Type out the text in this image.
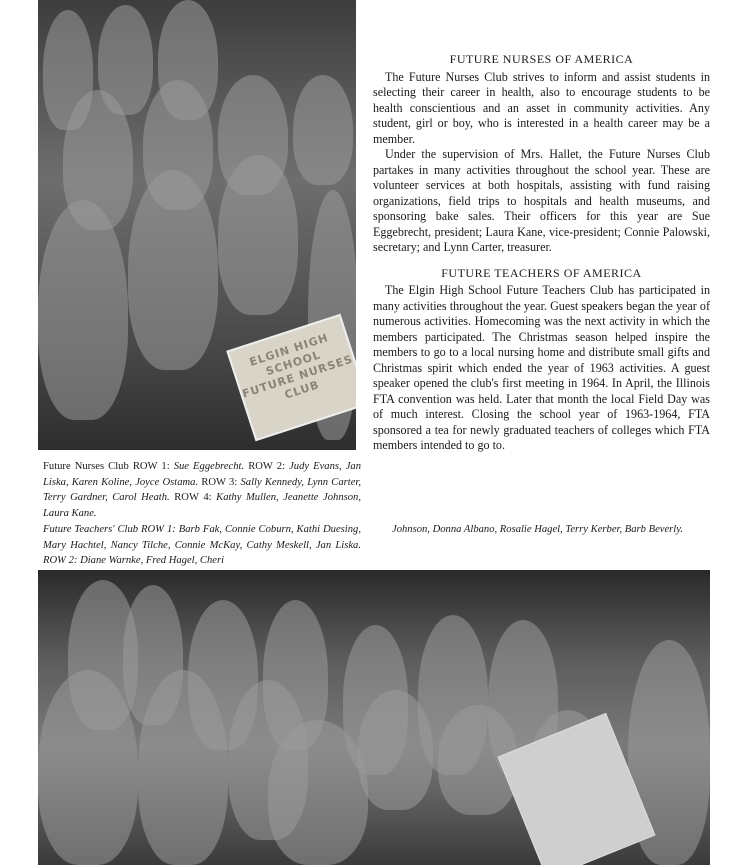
ELGIN HIGH SCHOOL FUTURE NURSES CLUB
FUTURE NURSES OF AMERICA

The Future Nurses Club strives to inform and assist students in selecting their career in health, also to encourage students to be health conscientious and an asset in community activities. Any student, girl or boy, who is interested in a health career may be a member.

Under the supervision of Mrs. Hallet, the Future Nurses Club partakes in many activities throughout the school year. These are volunteer services at both hospitals, assisting with fund raising organizations, field trips to hospitals and health museums, and sponsoring bake sales. Their officers for this year are Sue Eggebrecht, president; Laura Kane, vice-president; Connie Palowski, secretary; and Lynn Carter, treasurer.

FUTURE TEACHERS OF AMERICA

The Elgin High School Future Teachers Club has participated in many activities throughout the year. Guest speakers began the year of numerous activities. Homecoming was the next activity in which the members participated. The Christmas season helped inspire the members to go to a local nursing home and distribute small gifts and Christmas spirit which ended the year of 1963 activities. A guest speaker opened the club's first meeting in 1964. In April, the Illinois FTA convention was held. Later that month the local Field Day was of much interest. Closing the school year of 1963-1964, FTA sponsored a tea for newly graduated teachers of colleges which FTA members intended to go to.

Future Nurses Club ROW 1: Sue Eggebrecht. ROW 2: Judy Evans, Jan Liska, Karen Koline, Joyce Ostama. ROW 3: Sally Kennedy, Lynn Carter, Terry Gardner, Carol Heath. ROW 4: Kathy Mullen, Jeanette Johnson, Laura Kane.
Future Teachers' Club ROW 1: Barb Fak, Connie Coburn, Kathi Duesing, Mary Hachtel, Nancy Tilche, Connie McKay, Cathy Meskell, Jan Liska. ROW 2: Diane Warnke, Fred Hagel, Cheri
Johnson, Donna Albano, Rosalie Hagel, Terry Kerber, Barb Beverly.
